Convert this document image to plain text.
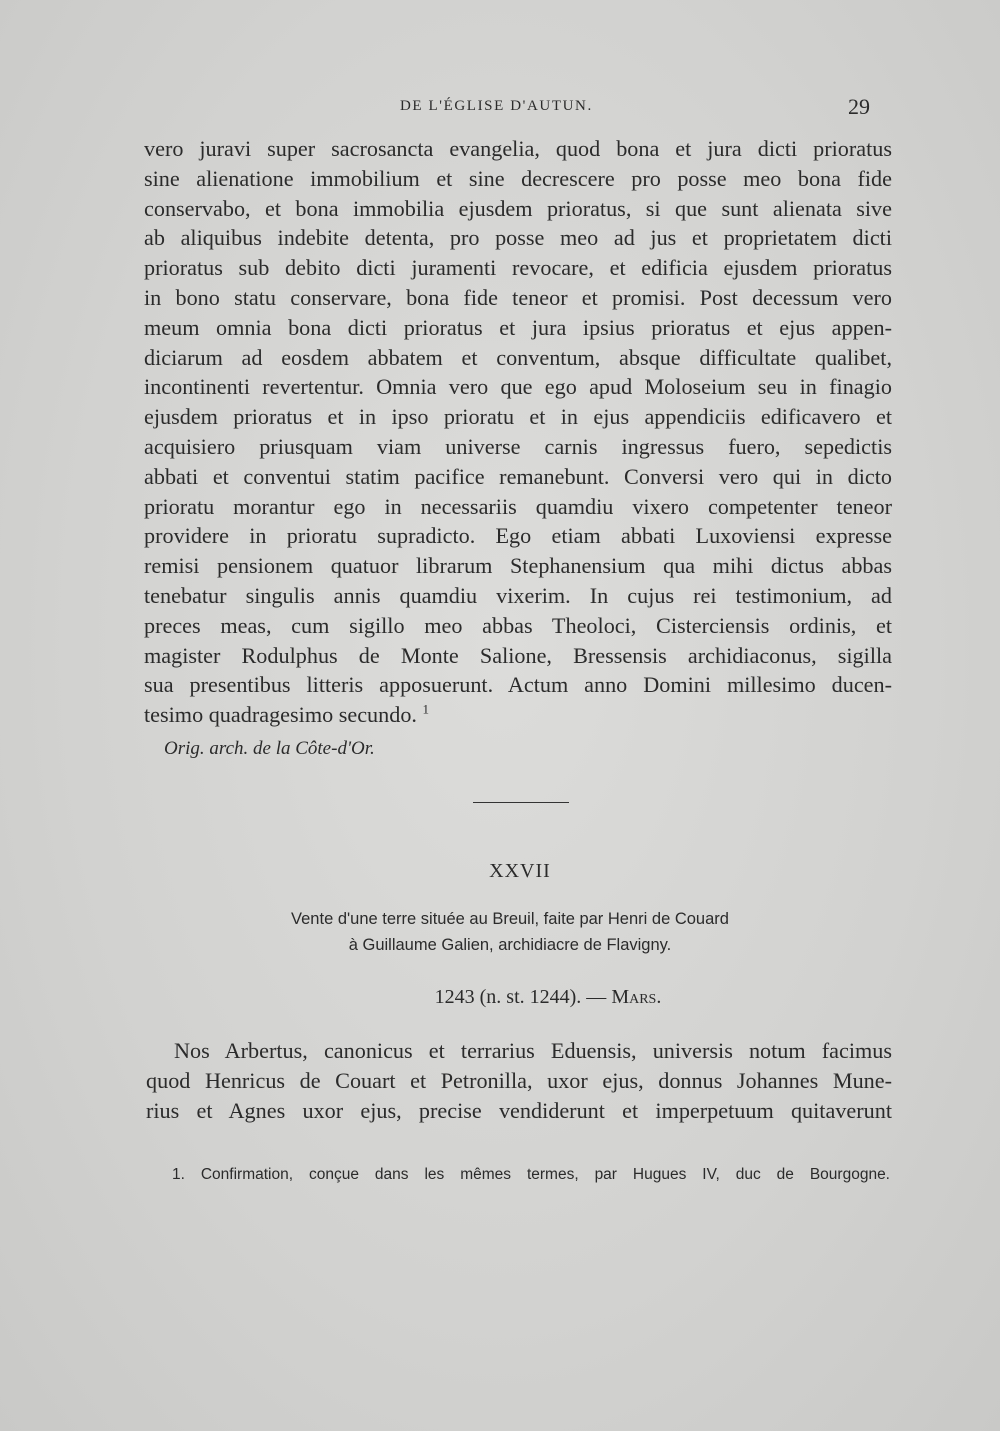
DE L'ÉGLISE D'AUTUN.	29
vero juravi super sacrosancta evangelia, quod bona et jura dicti prioratus
sine alienatione immobilium et sine decrescere pro posse meo bona fide
conservabo, et bona immobilia ejusdem prioratus, si que sunt alienata sive
ab aliquibus indebite detenta, pro posse meo ad jus et proprietatem dicti
prioratus sub debito dicti juramenti revocare, et edificia ejusdem prioratus
in bono statu conservare, bona fide teneor et promisi. Post decessum vero
meum omnia bona dicti prioratus et jura ipsius prioratus et ejus appen-
diciarum ad eosdem abbatem et conventum, absque difficultate qualibet,
incontinenti revertentur. Omnia vero que ego apud Moloseium seu in finagio
ejusdem prioratus et in ipso prioratu et in ejus appendiciis edificavero et
acquisiero priusquam viam universe carnis ingressus fuero, sepedictis
abbati et conventui statim pacifice remanebunt. Conversi vero qui in dicto
prioratu morantur ego in necessariis quamdiu vixero competenter teneor
providere in prioratu supradicto. Ego etiam abbati Luxoviensi expresse
remisi pensionem quatuor librarum Stephanensium qua mihi dictus abbas
tenebatur singulis annis quamdiu vixerim. In cujus rei testimonium, ad
preces meas, cum sigillo meo abbas Theoloci, Cisterciensis ordinis, et
magister Rodulphus de Monte Salione, Bressensis archidiaconus, sigilla
sua presentibus litteris apposuerunt. Actum anno Domini millesimo ducen-
tesimo quadragesimo secundo. $^1$
Orig. arch. de la Côte-d'Or.
XXVII
Vente d'une terre située au Breuil, faite par Henri de Couard
à Guillaume Galien, archidiacre de Flavigny.
1243 (n. st. 1244). — Mars.
Nos Arbertus, canonicus et terrarius Eduensis, universis notum facimus
quod Henricus de Couart et Petronilla, uxor ejus, donnus Johannes Mune-
rius et Agnes uxor ejus, precise vendiderunt et imperpetuum quitaverunt
1. Confirmation, conçue dans les mêmes termes, par Hugues IV, duc de Bourgogne.
